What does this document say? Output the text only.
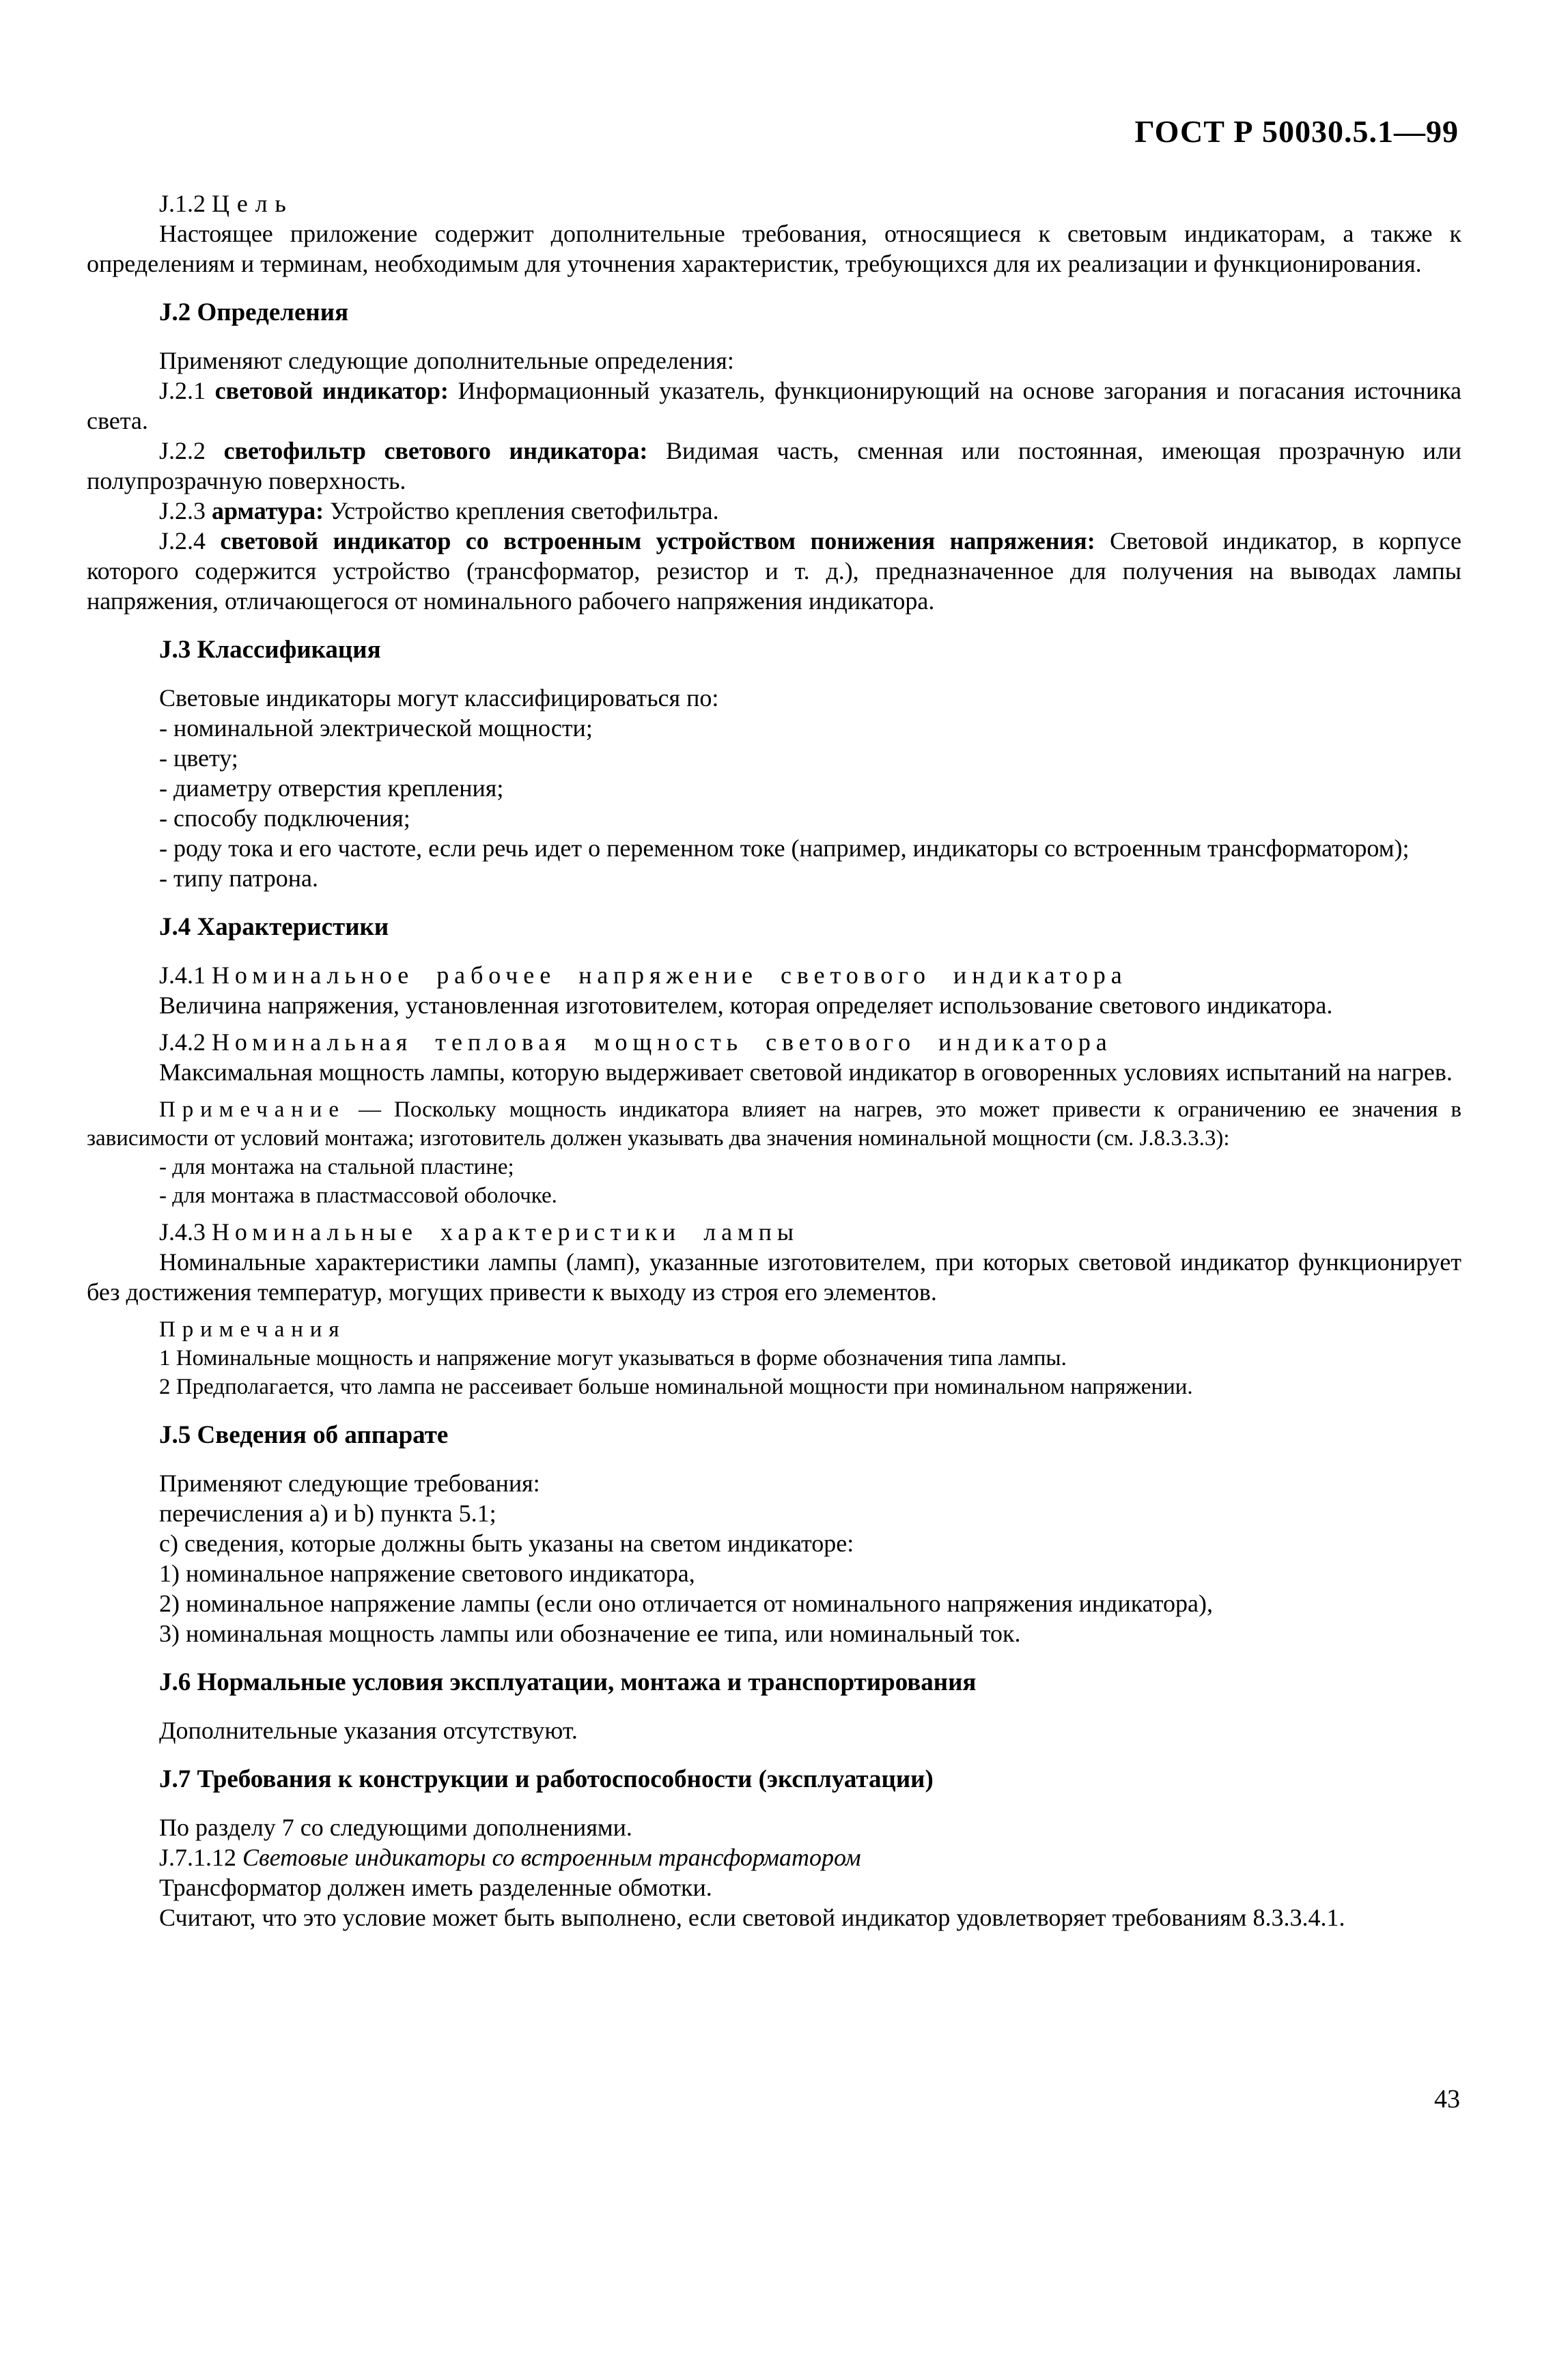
ГОСТ Р 50030.5.1—99

J.1.2 Цель

Настоящее приложение содержит дополнительные требования, относящиеся к световым индикаторам, а также к определениям и терминам, необходимым для уточнения характеристик, требующихся для их реализации и функционирования.

J.2 Определения

Применяют следующие дополнительные определения:

J.2.1 световой индикатор: Информационный указатель, функционирующий на основе загорания и погасания источника света.

J.2.2 светофильтр светового индикатора: Видимая часть, сменная или постоянная, имеющая прозрачную или полупрозрачную поверхность.

J.2.3 арматура: Устройство крепления светофильтра.

J.2.4 световой индикатор со встроенным устройством понижения напряжения: Световой индикатор, в корпусе которого содержится устройство (трансформатор, резистор и т. д.), предназначенное для получения на выводах лампы напряжения, отличающегося от номинального рабочего напряжения индикатора.

J.3 Классификация

Световые индикаторы могут классифицироваться по:

- номинальной электрической мощности;

- цвету;

- диаметру отверстия крепления;

- способу подключения;

- роду тока и его частоте, если речь идет о переменном токе (например, индикаторы со встроенным трансформатором);

- типу патрона.

J.4 Характеристики

J.4.1 Номинальное рабочее напряжение светового индикатора

Величина напряжения, установленная изготовителем, которая определяет использование светового индикатора.

J.4.2 Номинальная тепловая мощность светового индикатора

Максимальная мощность лампы, которую выдерживает световой индикатор в оговоренных условиях испытаний на нагрев.

Примечание — Поскольку мощность индикатора влияет на нагрев, это может привести к ограничению ее значения в зависимости от условий монтажа; изготовитель должен указывать два значения номинальной мощности (см. J.8.3.3.3):

- для монтажа на стальной пластине;

- для монтажа в пластмассовой оболочке.

J.4.3 Номинальные характеристики лампы

Номинальные характеристики лампы (ламп), указанные изготовителем, при которых световой индикатор функционирует без достижения температур, могущих привести к выходу из строя его элементов.

Примечания

1 Номинальные мощность и напряжение могут указываться в форме обозначения типа лампы.

2 Предполагается, что лампа не рассеивает больше номинальной мощности при номинальном напряжении.

J.5 Сведения об аппарате

Применяют следующие требования:

перечисления a) и b) пункта 5.1;

c) сведения, которые должны быть указаны на светом индикаторе:

1) номинальное напряжение светового индикатора,

2) номинальное напряжение лампы (если оно отличается от номинального напряжения индикатора),

3) номинальная мощность лампы или обозначение ее типа, или номинальный ток.

J.6 Нормальные условия эксплуатации, монтажа и транспортирования

Дополнительные указания отсутствуют.

J.7 Требования к конструкции и работоспособности (эксплуатации)

По разделу 7 со следующими дополнениями.

J.7.1.12 Световые индикаторы со встроенным трансформатором

Трансформатор должен иметь разделенные обмотки.

Считают, что это условие может быть выполнено, если световой индикатор удовлетворяет требованиям 8.3.3.4.1.

43
